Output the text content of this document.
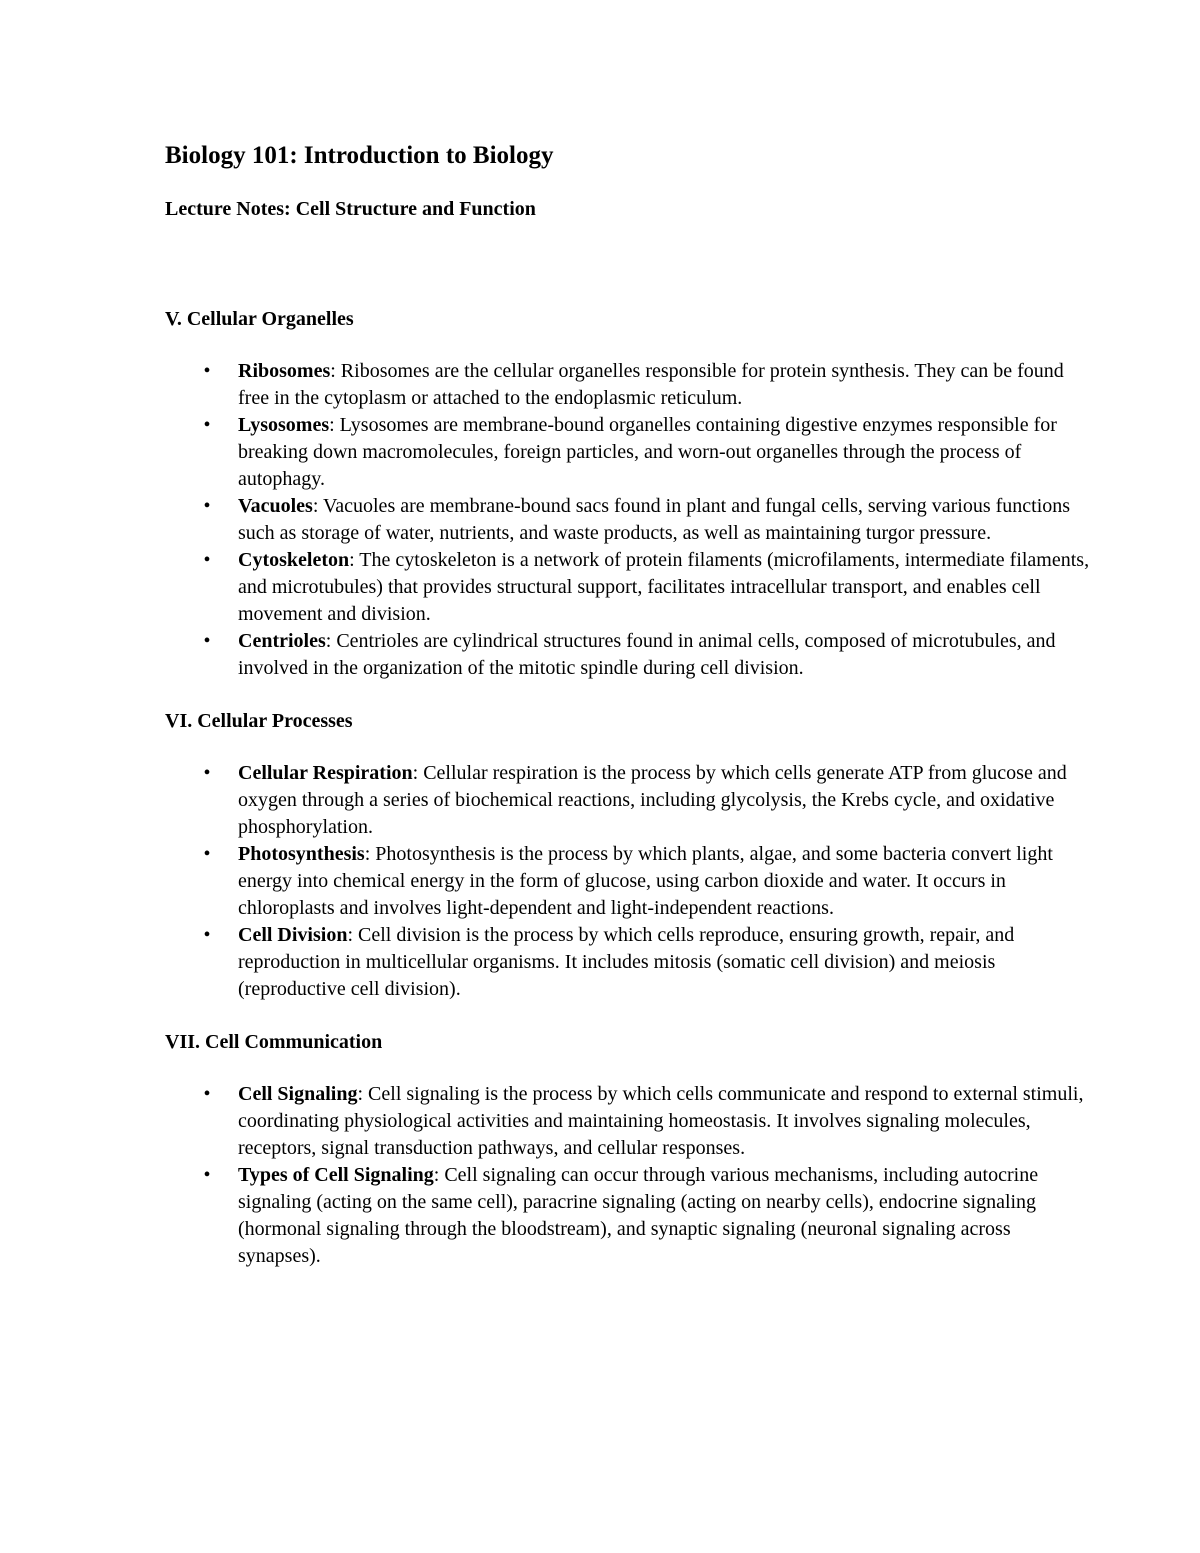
Biology 101: Introduction to Biology
Lecture Notes: Cell Structure and Function
V. Cellular Organelles
• Ribosomes: Ribosomes are the cellular organelles responsible for protein synthesis. They can be found free in the cytoplasm or attached to the endoplasmic reticulum.
• Lysosomes: Lysosomes are membrane-bound organelles containing digestive enzymes responsible for breaking down macromolecules, foreign particles, and worn-out organelles through the process of autophagy.
• Vacuoles: Vacuoles are membrane-bound sacs found in plant and fungal cells, serving various functions such as storage of water, nutrients, and waste products, as well as maintaining turgor pressure.
• Cytoskeleton: The cytoskeleton is a network of protein filaments (microfilaments, intermediate filaments, and microtubules) that provides structural support, facilitates intracellular transport, and enables cell movement and division.
• Centrioles: Centrioles are cylindrical structures found in animal cells, composed of microtubules, and involved in the organization of the mitotic spindle during cell division.
VI. Cellular Processes
• Cellular Respiration: Cellular respiration is the process by which cells generate ATP from glucose and oxygen through a series of biochemical reactions, including glycolysis, the Krebs cycle, and oxidative phosphorylation.
• Photosynthesis: Photosynthesis is the process by which plants, algae, and some bacteria convert light energy into chemical energy in the form of glucose, using carbon dioxide and water. It occurs in chloroplasts and involves light-dependent and light-independent reactions.
• Cell Division: Cell division is the process by which cells reproduce, ensuring growth, repair, and reproduction in multicellular organisms. It includes mitosis (somatic cell division) and meiosis (reproductive cell division).
VII. Cell Communication
• Cell Signaling: Cell signaling is the process by which cells communicate and respond to external stimuli, coordinating physiological activities and maintaining homeostasis. It involves signaling molecules, receptors, signal transduction pathways, and cellular responses.
• Types of Cell Signaling: Cell signaling can occur through various mechanisms, including autocrine signaling (acting on the same cell), paracrine signaling (acting on nearby cells), endocrine signaling (hormonal signaling through the bloodstream), and synaptic signaling (neuronal signaling across synapses).
